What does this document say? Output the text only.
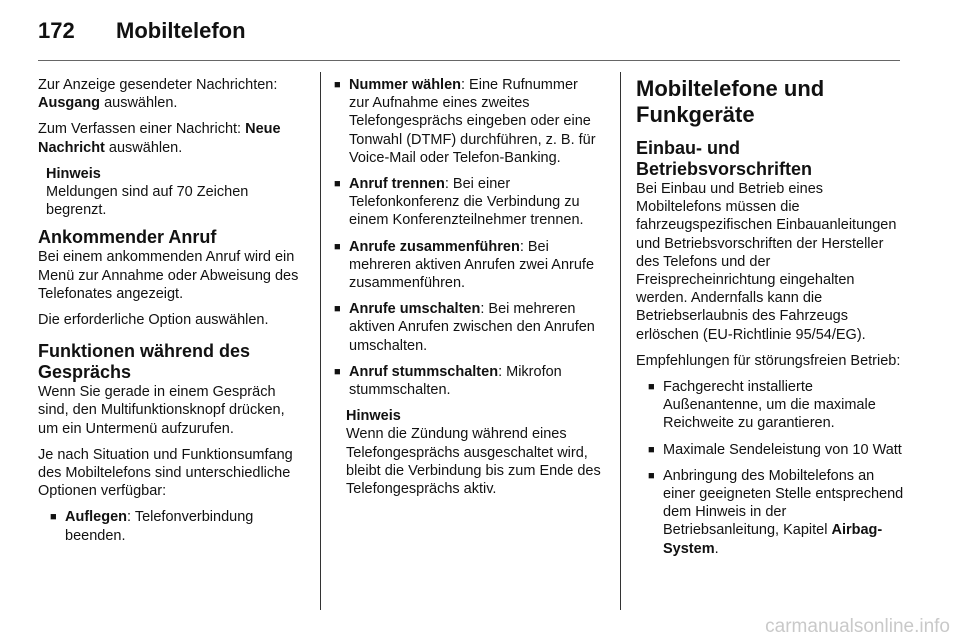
172 Mobiltelefon

Zur Anzeige gesendeter Nachrichten: Ausgang auswählen.

Zum Verfassen einer Nachricht: Neue Nachricht auswählen.

Hinweis
Meldungen sind auf 70 Zeichen begrenzt.
Ankommender Anruf

Bei einem ankommenden Anruf wird ein Menü zur Annahme oder Abweisung des Telefonates angezeigt.

Die erforderliche Option auswählen.

Funktionen während des Gesprächs

Wenn Sie gerade in einem Gespräch sind, den Multifunktionsknopf drücken, um ein Untermenü aufzurufen.

Je nach Situation und Funktionsumfang des Mobiltelefons sind unterschiedliche Optionen verfügbar:

■ Auflegen: Telefonverbindung beenden.
■ Nummer wählen: Eine Rufnummer zur Aufnahme eines zweites Telefongesprächs eingeben oder eine Tonwahl (DTMF) durchführen, z. B. für Voice-Mail oder Telefon-Banking.
■ Anruf trennen: Bei einer Telefonkonferenz die Verbindung zu einem Konferenzteilnehmer trennen.
■ Anrufe zusammenführen: Bei mehreren aktiven Anrufen zwei Anrufe zusammenführen.
■ Anrufe umschalten: Bei mehreren aktiven Anrufen zwischen den Anrufen umschalten.
■ Anruf stummschalten: Mikrofon stummschalten.
Hinweis
Wenn die Zündung während eines Telefongesprächs ausgeschaltet wird, bleibt die Verbindung bis zum Ende des Telefongesprächs aktiv.
Mobiltelefone und Funkgeräte
Einbau- und Betriebsvorschriften

Bei Einbau und Betrieb eines Mobiltelefons müssen die fahrzeugspezifischen Einbauanleitungen und Betriebsvorschriften der Hersteller des Telefons und der Freisprecheinrichtung eingehalten werden. Andernfalls kann die Betriebserlaubnis des Fahrzeugs erlöschen (EU-Richtlinie 95/54/EG).

Empfehlungen für störungsfreien Betrieb:

■ Fachgerecht installierte Außenantenne, um die maximale Reichweite zu garantieren.
■ Maximale Sendeleistung von 10 Watt
■ Anbringung des Mobiltelefons an einer geeigneten Stelle entsprechend dem Hinweis in der Betriebsanleitung, Kapitel Airbag-System.
carmanualsonline.info
